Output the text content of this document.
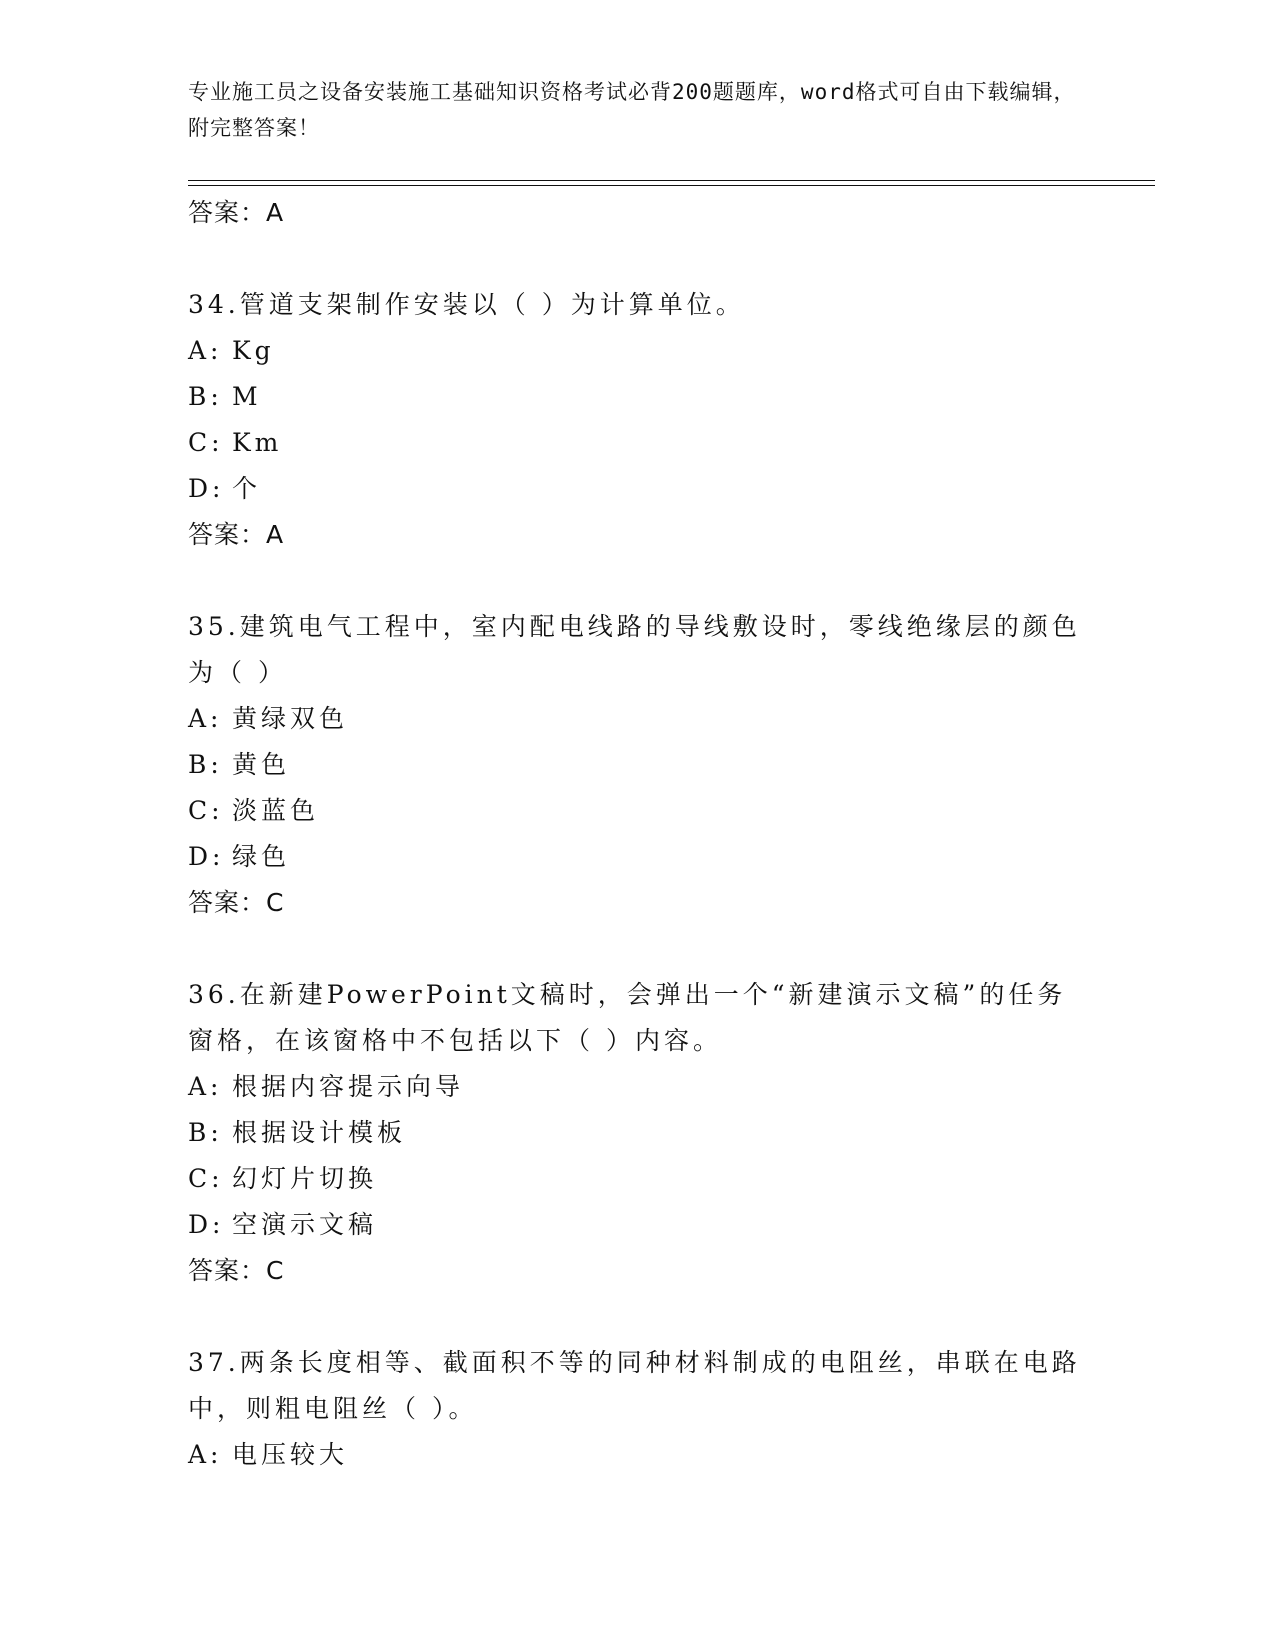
专业施工员之设备安装施工基础知识资格考试必背200题题库，word格式可自由下载编辑，附完整答案！
答案：A
34.管道支架制作安装以（ ）为计算单位。
A: Kg
B: M
C: Km
D: 个
答案：A
35.建筑电气工程中，室内配电线路的导线敷设时，零线绝缘层的颜色为（ ）
A: 黄绿双色
B: 黄色
C: 淡蓝色
D: 绿色
答案：C
36.在新建PowerPoint文稿时，会弹出一个“新建演示文稿”的任务窗格，在该窗格中不包括以下（ ）内容。
A: 根据内容提示向导
B: 根据设计模板
C: 幻灯片切换
D: 空演示文稿
答案：C
37.两条长度相等、截面积不等的同种材料制成的电阻丝，串联在电路中，则粗电阻丝（ ）。
A: 电压较大
